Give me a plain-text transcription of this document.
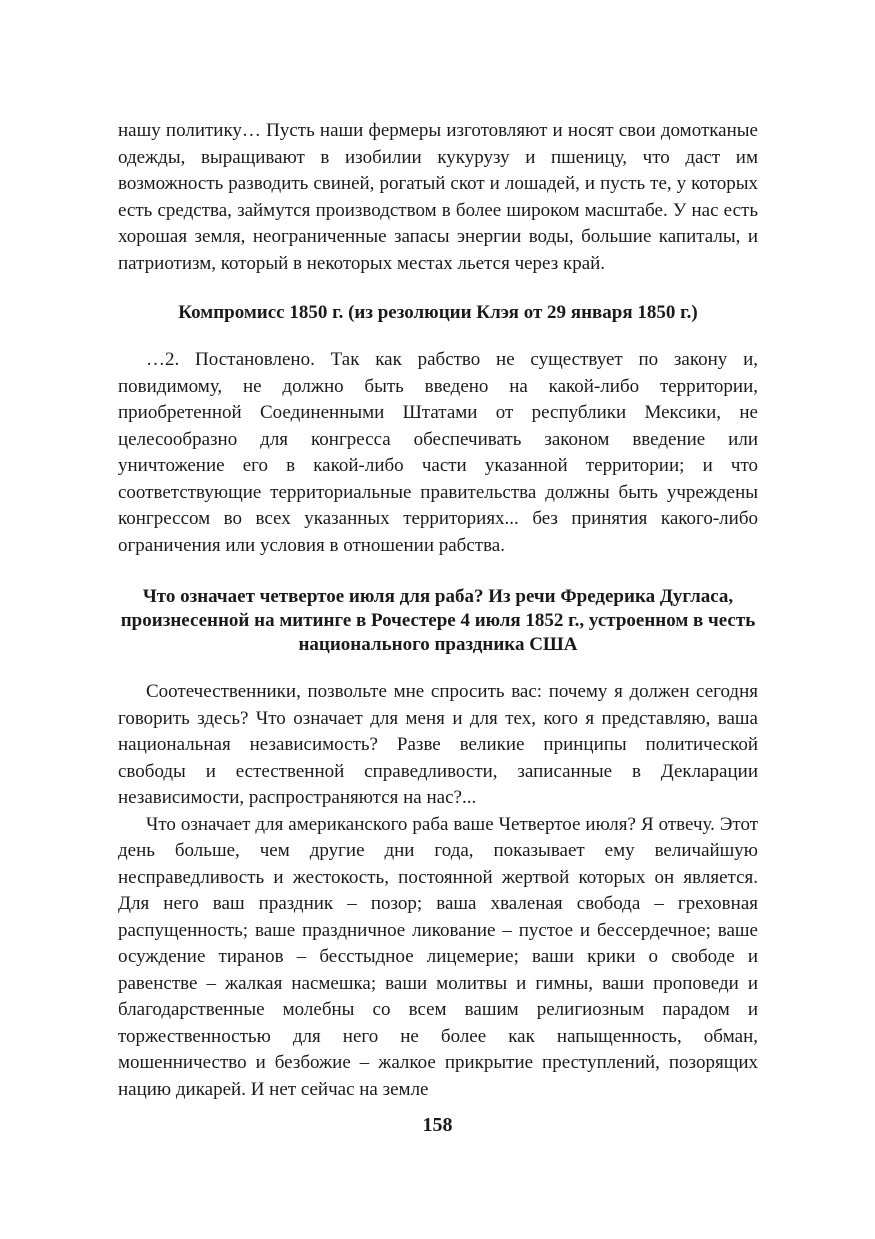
нашу политику… Пусть наши фермеры изготовляют и носят свои домотканые одежды, выращивают в изобилии кукурузу и пшеницу, что даст им возможность разводить свиней, рогатый скот и лошадей, и пусть те, у которых есть средства, займутся производством в более широком масштабе. У нас есть хорошая земля, неограниченные запасы энергии воды, большие капиталы, и патриотизм, который в некоторых местах льется через край.

Компромисс 1850 г. (из резолюции Клэя от 29 января 1850 г.)

…2. Постановлено. Так как рабство не существует по закону и, повидимому, не должно быть введено на какой-либо территории, приобретенной Соединенными Штатами от республики Мексики, не целесообразно для конгресса обеспечивать законом введение или уничтожение его в какой-либо части указанной территории; и что соответствующие территориальные правительства должны быть учреждены конгрессом во всех указанных территориях... без принятия какого-либо ограничения или условия в отношении рабства.

Что означает четвертое июля для раба? Из речи Фредерика Дугласа, произнесенной на митинге в Рочестере 4 июля 1852 г., устроенном в честь национального праздника США

Соотечественники, позвольте мне спросить вас: почему я должен сегодня говорить здесь? Что означает для меня и для тех, кого я представляю, ваша национальная независимость? Разве великие принципы политической свободы и естественной справедливости, записанные в Декларации независимости, распространяются на нас?...

Что означает для американского раба ваше Четвертое июля? Я отвечу. Этот день больше, чем другие дни года, показывает ему величайшую несправедливость и жестокость, постоянной жертвой которых он является. Для него ваш праздник – позор; ваша хваленая свобода – греховная распущенность; ваше праздничное ликование – пустое и бессердечное; ваше осуждение тиранов – бесстыдное лицемерие; ваши крики о свободе и равенстве – жалкая насмешка; ваши молитвы и гимны, ваши проповеди и благодарственные молебны со всем вашим религиозным парадом и торжественностью для него не более как напыщенность, обман, мошенничество и безбожие – жалкое прикрытие преступлений, позорящих нацию дикарей. И нет сейчас на земле

158
